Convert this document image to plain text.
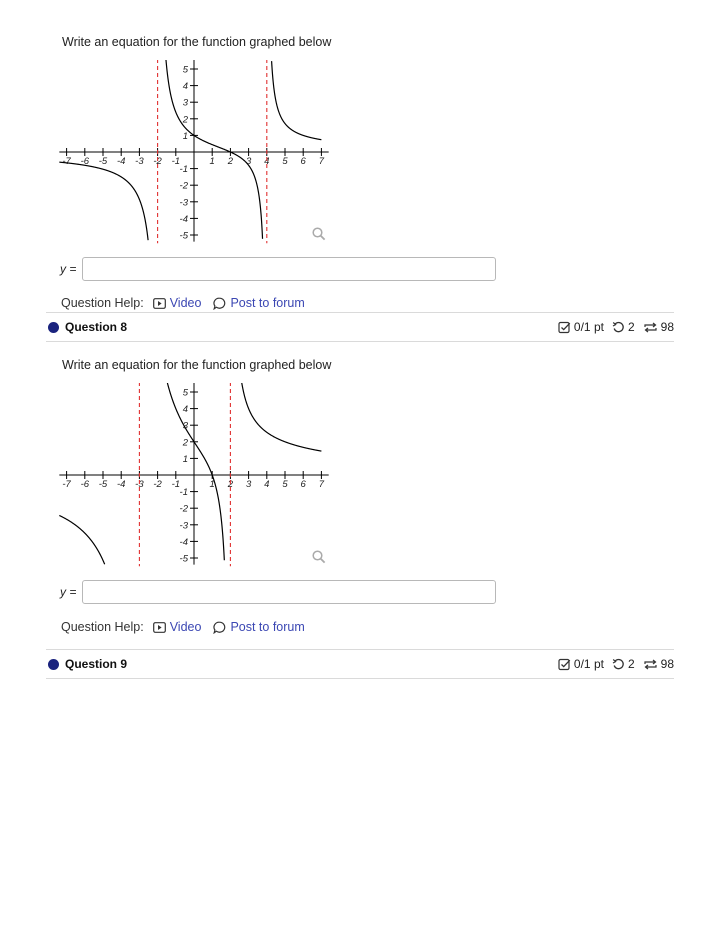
Write an equation for the function graphed below
-7 -6 -5 -4 -3 -2 -1	1 2 3 4 5 6 7
5
4
3
2
1
-1
-2
-3
-4
-5
y =
Question Help: Video Post to forum
Question 8	0/1 pt 2 98
Write an equation for the function graphed below
-7 -6 -5 -4 -3 -2 -1	1 2 3 4 5 6 7
5
4
3
2
1
-1
-2
-3
-4
-5
y =
Question Help: Video Post to forum
Question 9	0/1 pt 2 98
